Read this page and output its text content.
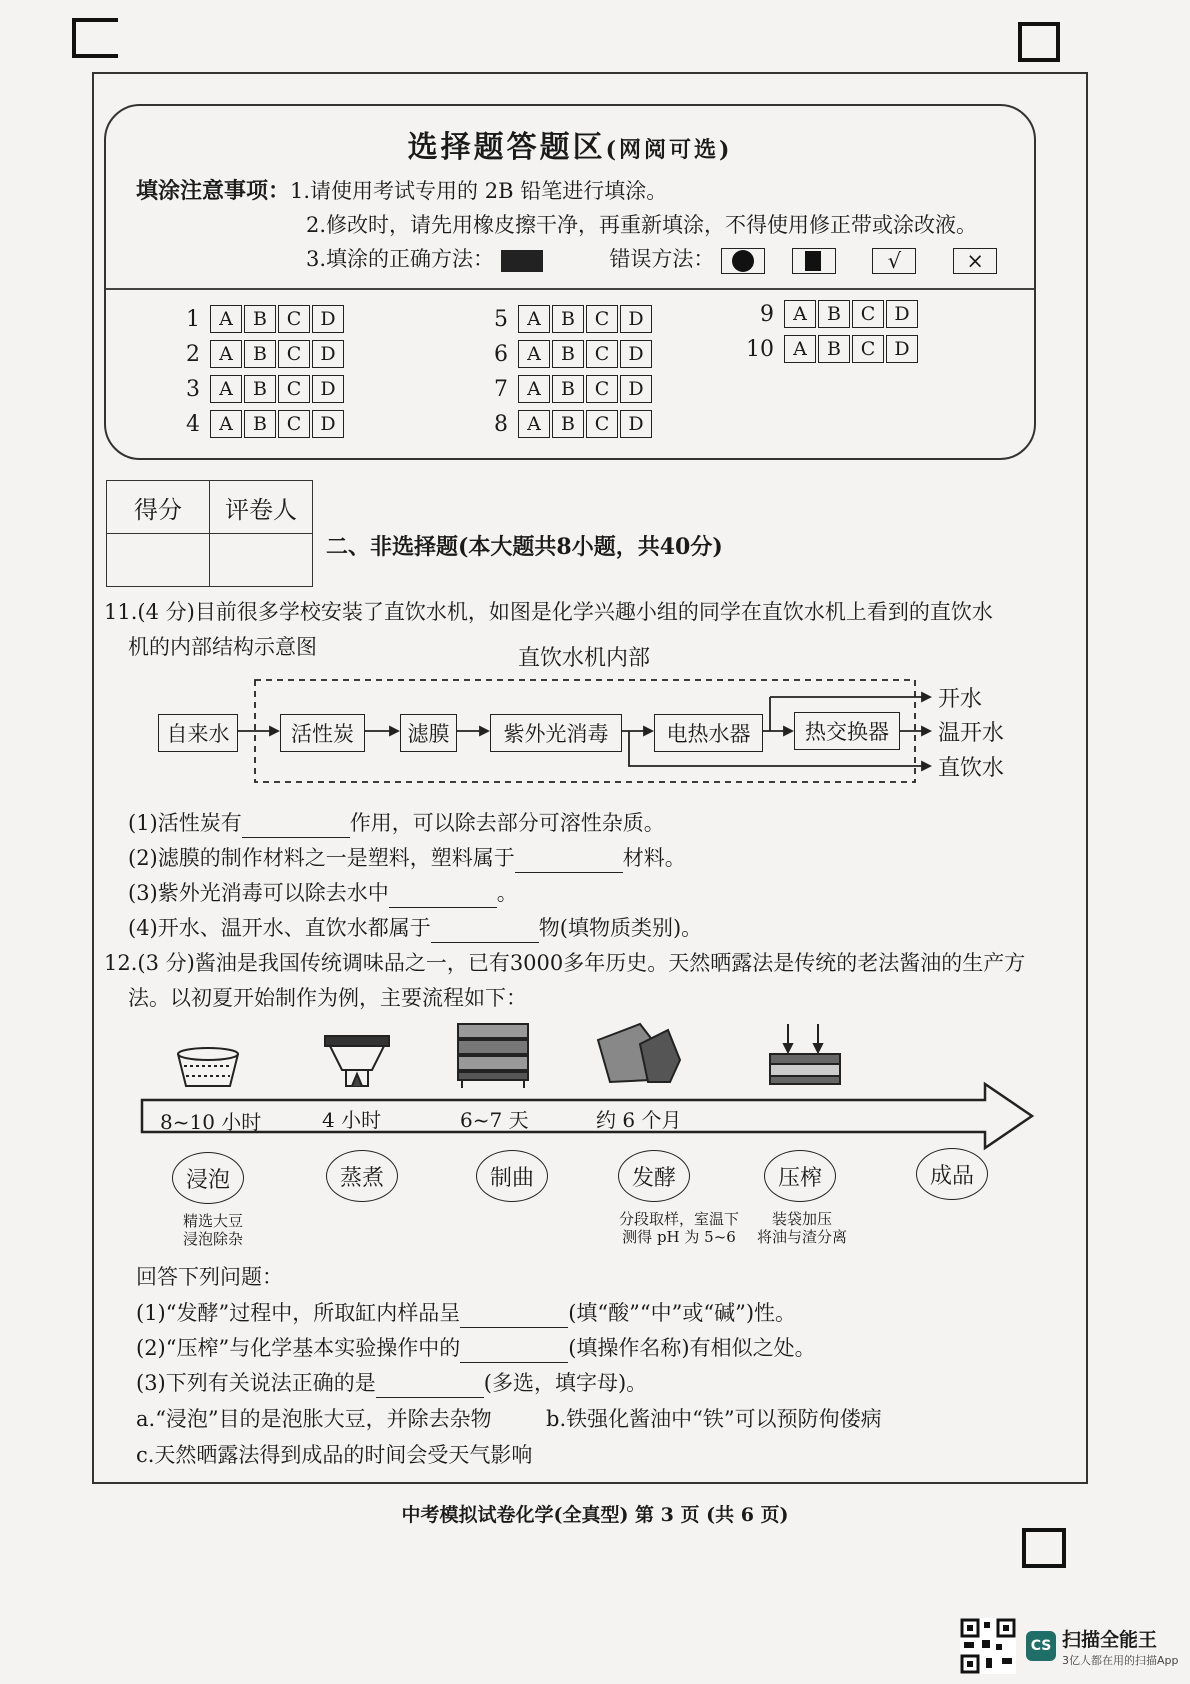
选择题答题区(网阅可选)
填涂注意事项：1.请使用考试专用的 2B 铅笔进行填涂。
2.修改时，请先用橡皮擦干净，再重新填涂，不得使用修正带或涂改液。
3.填涂的正确方法：	错误方法：
	√	×
1	A	B	C	D
2	A	B	C	D
3	A	B	C	D
4	A	B	C	D
5	A	B	C	D
6	A	B	C	D
7	A	B	C	D
8	A	B	C	D
9	A	B	C	D
10	A	B	C	D
得分	评卷人

二、非选择题(本大题共8小题，共40分)
11.(4 分)目前很多学校安装了直饮水机，如图是化学兴趣小组的同学在直饮水机上看到的直饮水
机的内部结构示意图	直饮水机内部
自来水	活性炭	滤膜	紫外光消毒	电热水器	热交换器
开水
温开水
直饮水
(1)活性炭有	作用，可以除去部分可溶性杂质。
(2)滤膜的制作材料之一是塑料，塑料属于	材料。
(3)紫外光消毒可以除去水中	。
(4)开水、温开水、直饮水都属于	物(填物质类别)。
12.(3 分)酱油是我国传统调味品之一，已有3000多年历史。天然晒露法是传统的老法酱油的生产方
法。以初夏开始制作为例，主要流程如下：
8~10 小时	4 小时	6~7 天	约 6 个月
浸泡	蒸煮	制曲	发酵	压榨	成品
精选大豆
浸泡除杂
分段取样，室温下
测得 pH 为 5~6
装袋加压
将油与渣分离
回答下列问题：
(1)“发酵”过程中，所取缸内样品呈	(填“酸”“中”或“碱”)性。
(2)“压榨”与化学基本实验操作中的	(填操作名称)有相似之处。
(3)下列有关说法正确的是	(多选，填字母)。
a.“浸泡”目的是泡胀大豆，并除去杂物	b.铁强化酱油中“铁”可以预防佝偻病
c.天然晒露法得到成品的时间会受天气影响
中考模拟试卷化学(全真型) 第 3 页 (共 6 页)
CS 扫描全能王
3亿人都在用的扫描App
